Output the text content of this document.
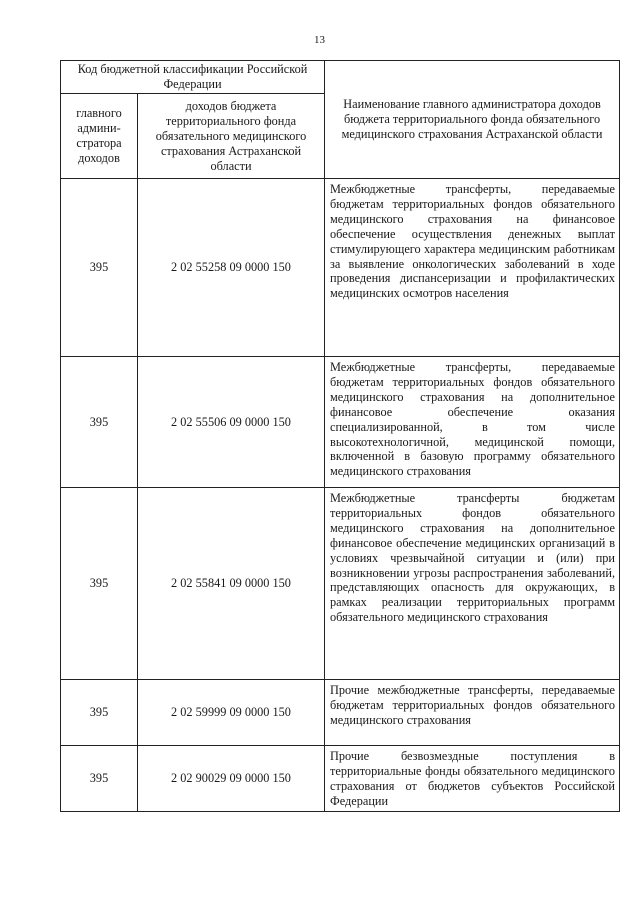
13
Код бюджетной классификации Российской Федерации		Наименование главного администратора доходов бюджета территориального фонда обязательного медицинского страхования Астраханской области
главного админи-стратора доходов	доходов бюджета территориального фонда обязательного медицинского страхования Астраханской области	
395	2 02 55258 09 0000 150	Межбюджетные трансферты, передаваемые бюджетам территориальных фондов обязательного медицинского страхования на финансовое обеспечение осуществления денежных выплат стимулирующего характера медицинским работникам за выявление онкологических заболеваний в ходе проведения диспансеризации и профилактических медицинских осмотров населения
395	2 02 55506 09 0000 150	Межбюджетные трансферты, передаваемые бюджетам территориальных фондов обязательного медицинского страхования на дополнительное финансовое обеспечение оказания специализированной, в том числе высокотехнологичной, медицинской помощи, включенной в базовую программу обязательного медицинского страхования
395	2 02 55841 09 0000 150	Межбюджетные трансферты бюджетам территориальных фондов обязательного медицинского страхования на дополнительное финансовое обеспечение медицинских организаций в условиях чрезвычайной ситуации и (или) при возникновении угрозы распространения заболеваний, представляющих опасность для окружающих, в рамках реализации территориальных программ обязательного медицинского страхования
395	2 02 59999 09 0000 150	Прочие межбюджетные трансферты, передаваемые бюджетам территориальных фондов обязательного медицинского страхования
395	2 02 90029 09 0000 150	Прочие безвозмездные поступления в территориальные фонды обязательного медицинского страхования от бюджетов субъектов Российской Федерации
